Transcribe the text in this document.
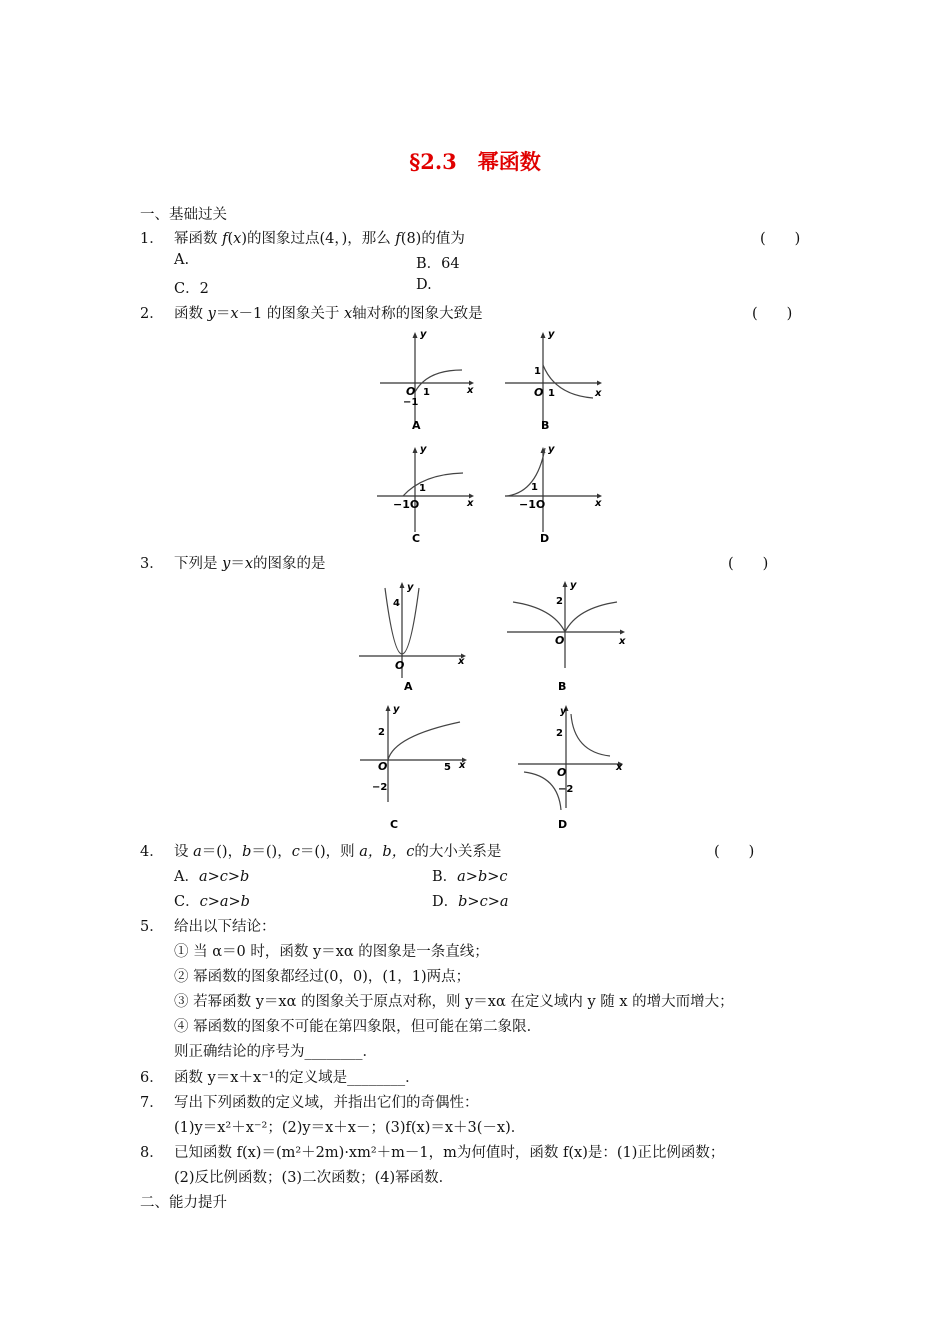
§2.3　幂函数
一、基础过关
1． 幂函数 f(x)的图象过点(4，)，那么 f(8)的值为	(　　)
A.	B．64
C．2	D.
2． 函数 y＝x－1 的图象关于 x轴对称的图象大致是	(　　)
y
x
O 1
−1
A
y
x
O 1
1
B
y
x
−1O
1
C
y
x
−1O
1
D
3． 下列是 y＝x的图象的是	(　　)
y
x
O
4
A
y
x
O
2
B
y
x
O
2
5
−2
C
y
x
O
2
−2
D
4． 设 a＝()，b＝()，c＝()，则 a，b，c的大小关系是	(　　)
A．a>c>b	B．a>b>c
C．c>a>b	D．b>c>a
5． 给出以下结论：
① 当 α＝0 时，函数 y＝xα 的图象是一条直线；
② 幂函数的图象都经过(0，0)，(1，1)两点；
③ 若幂函数 y＝xα 的图象关于原点对称，则 y＝xα 在定义域内 y 随 x 的增大而增大；
④ 幂函数的图象不可能在第四象限，但可能在第二象限．
则正确结论的序号为________．
6． 函数 y＝x＋x⁻¹的定义域是________．
7． 写出下列函数的定义域，并指出它们的奇偶性：
(1)y＝x²＋x⁻²；(2)y＝x＋x－；(3)f(x)＝x＋3(－x)．
8． 已知函数 f(x)＝(m²＋2m)·xm²＋m－1，m为何值时，函数 f(x)是：(1)正比例函数；
(2)反比例函数；(3)二次函数；(4)幂函数．
二、能力提升
